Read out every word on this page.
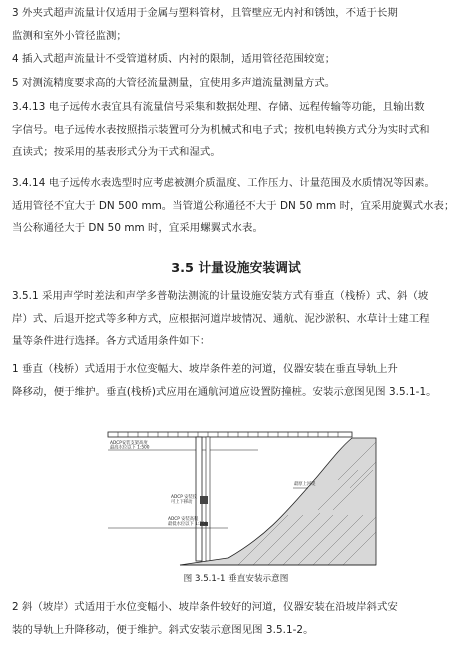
3 外夹式超声流量计仅适用于金属与塑料管材，且管壁应无内衬和锈蚀，不适于长期
监测和室外小管径监测；

4 插入式超声流量计不受管道材质、内衬的限制，适用管径范围较宽；

5 对测流精度要求高的大管径流量测量，宜使用多声道流量测量方式。

3.4.13 电子远传水表宜具有流量信号采集和数据处理、存储、远程传输等功能，且输出数
字信号。电子远传水表按照指示装置可分为机械式和电子式；按机电转换方式分为实时式和
直读式；按采用的基表形式分为干式和湿式。

3.4.14 电子远传水表选型时应考虑被测介质温度、工作压力、计量范围及水质情况等因素。
适用管径不宜大于 DN 500 mm。当管道公称通径不大于 DN 50 mm 时，宜采用旋翼式水表；
当公称通径大于 DN 50 mm 时，宜采用螺翼式水表。

3.5 计量设施安装调试

3.5.1 采用声学时差法和声学多普勒法测流的计量设施安装方式有垂直（栈桥）式、斜（坡
岸）式、后退开挖式等多种方式，应根据河道岸坡情况、通航、泥沙淤积、水草计士建工程
量等条件进行选择。各方式适用条件如下：

1 垂直（栈桥）式适用于水位变幅大、坡岸条件差的河道，仪器安装在垂直导轨上升
降移动，便于维护。垂直(栈桥)式应用在通航河道应设置防撞桩。安装示意图见图 3.5.1-1。

ADCP安装支架高度
最高水位以下 1:500
最原上河堤
ADCP 安装仪
可上下移动
ADCP 安装高程
最低水位以下 1:200

图 3.5.1-1 垂直安装示意图

2 斜（坡岸）式适用于水位变幅小、坡岸条件较好的河道，仪器安装在沿坡岸斜式安
装的导轨上升降移动，便于维护。斜式安装示意图见图 3.5.1-2。
